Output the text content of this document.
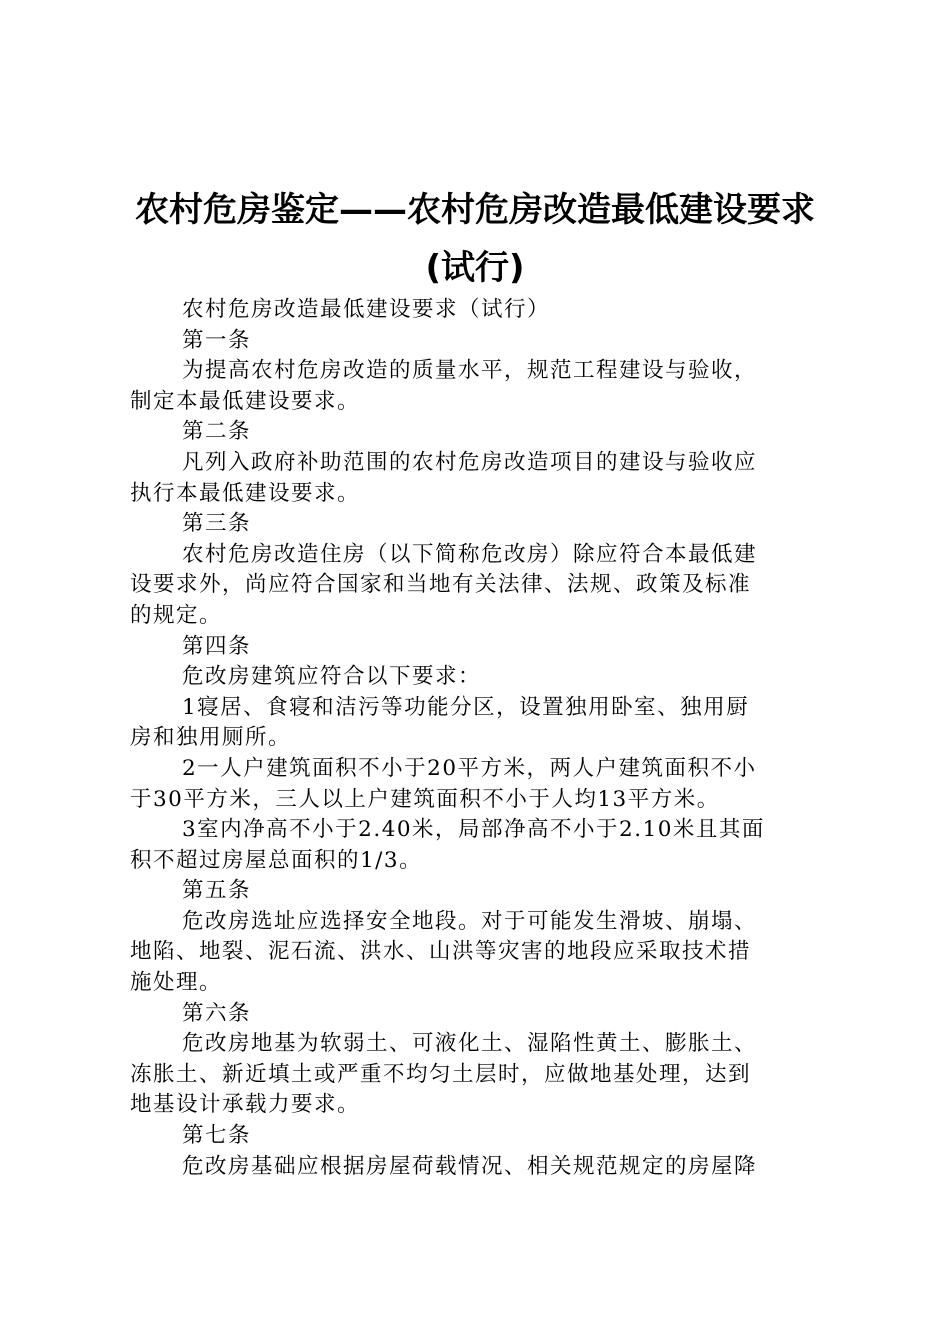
农村危房鉴定——农村危房改造最低建设要求
(试行)

农村危房改造最低建设要求（试行）

第一条

为提高农村危房改造的质量水平，规范工程建设与验收，

制定本最低建设要求。

第二条

凡列入政府补助范围的农村危房改造项目的建设与验收应

执行本最低建设要求。

第三条

农村危房改造住房（以下简称危改房）除应符合本最低建

设要求外，尚应符合国家和当地有关法律、法规、政策及标准

的规定。

第四条

危改房建筑应符合以下要求：

1寝居、食寝和洁污等功能分区，设置独用卧室、独用厨

房和独用厕所。

2一人户建筑面积不小于20平方米，两人户建筑面积不小

于30平方米，三人以上户建筑面积不小于人均13平方米。

3室内净高不小于2.40米，局部净高不小于2.10米且其面

积不超过房屋总面积的1/3。

第五条

危改房选址应选择安全地段。对于可能发生滑坡、崩塌、

地陷、地裂、泥石流、洪水、山洪等灾害的地段应采取技术措

施处理。

第六条

危改房地基为软弱土、可液化土、湿陷性黄土、膨胀土、

冻胀土、新近填土或严重不均匀土层时，应做地基处理，达到

地基设计承载力要求。

第七条

危改房基础应根据房屋荷载情况、相关规范规定的房屋降
